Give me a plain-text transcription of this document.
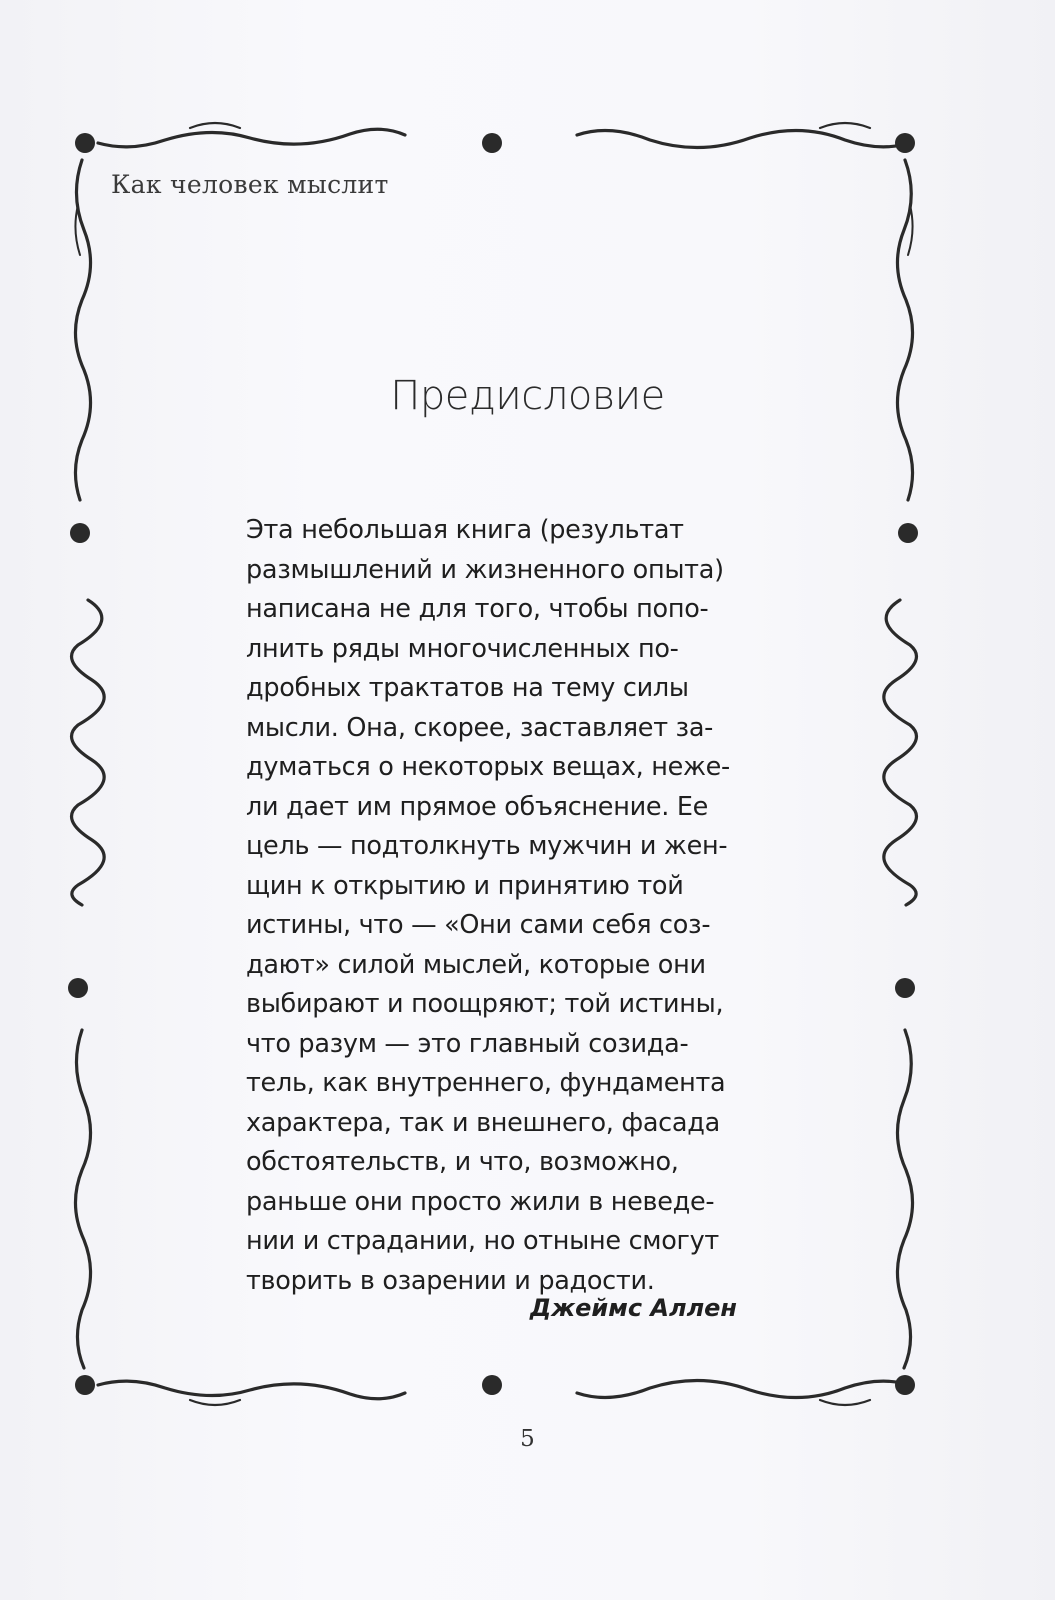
Как человек мыслит
Предисловие
Эта небольшая книга (результат
размышлений и жизненного опыта)
написана не для того, чтобы попо-
лнить ряды многочисленных по-
дробных трактатов на тему силы
мысли. Она, скорее, заставляет за-
думаться о некоторых вещах, неже-
ли дает им прямое объяснение. Ее
цель — подтолкнуть мужчин и жен-
щин к открытию и принятию той
истины, что — «Они сами себя соз-
дают» силой мыслей, которые они
выбирают и поощряют; той истины,
что разум — это главный созида-
тель, как внутреннего, фундамента
характера, так и внешнего, фасада
обстоятельств, и что, возможно,
раньше они просто жили в неведе-
нии и страдании, но отныне смогут
творить в озарении и радости.
Джеймс Аллен
5
